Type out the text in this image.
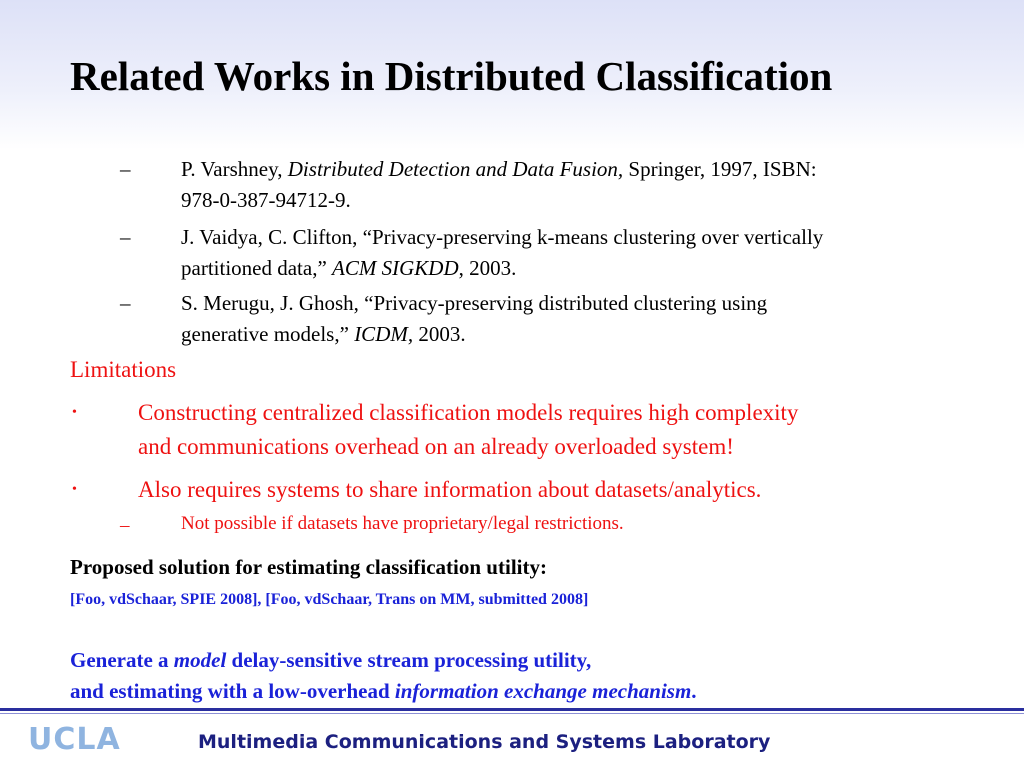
Related Works in Distributed Classification
– P. Varshney, Distributed Detection and Data Fusion, Springer, 1997, ISBN:
978-0-387-94712-9.
– J. Vaidya, C. Clifton, “Privacy-preserving k-means clustering over vertically
partitioned data,” ACM SIGKDD, 2003.
– S. Merugu, J. Ghosh, “Privacy-preserving distributed clustering using
generative models,” ICDM, 2003.
Limitations
•	Constructing centralized classification models requires high complexity
and communications overhead on an already overloaded system!
•	Also requires systems to share information about datasets/analytics.
–	Not possible if datasets have proprietary/legal restrictions.
Proposed solution for estimating classification utility:
[Foo, vdSchaar, SPIE 2008], [Foo, vdSchaar, Trans on MM, submitted 2008]
Generate a model delay-sensitive stream processing utility,
and estimating with a low-overhead information exchange mechanism.
UCLA	Multimedia Communications and Systems Laboratory
